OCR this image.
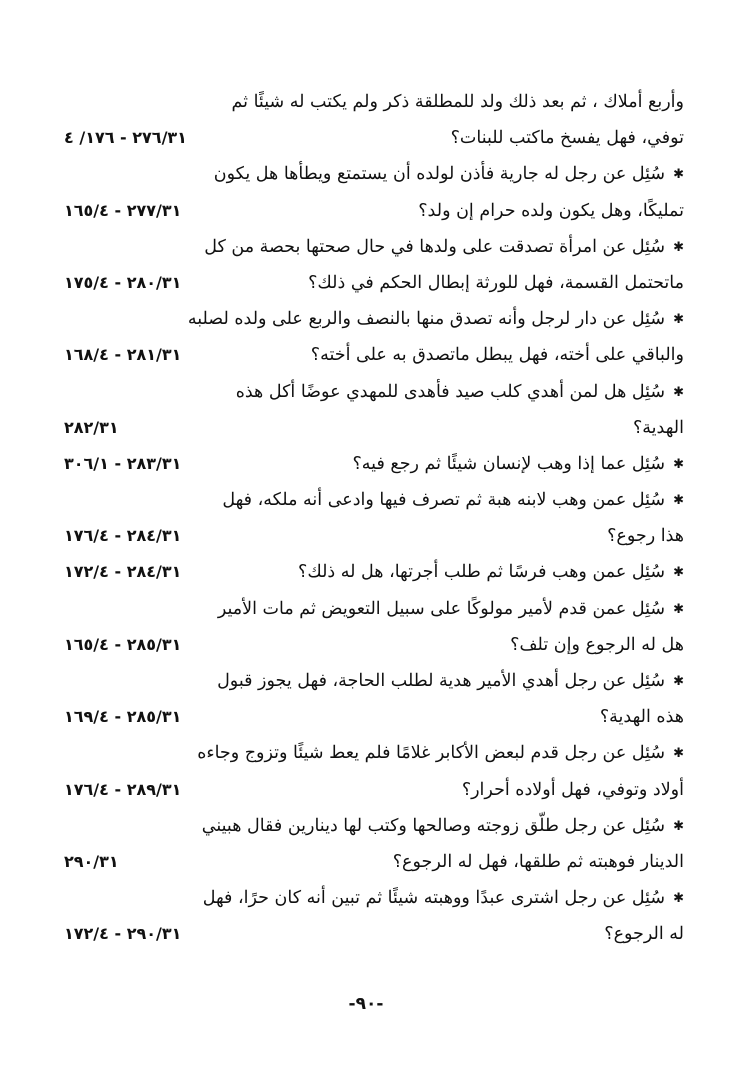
وأربع أملاك ، ثم بعد ذلك ولد للمطلقة ذكر ولم يكتب له شيئًا ثم
توفي، فهل يفسخ ماكتب للبنات؟
٢٧٦/٣١ - ١٧٦/ ٤
✱سُئِل عن رجل له جارية فأذن لولده أن يستمتع ويطأها هل يكون
تمليكًا، وهل يكون ولده حرام إن ولد؟
٢٧٧/٣١ - ١٦٥/٤
✱سُئِل عن امرأة تصدقت على ولدها في حال صحتها بحصة من كل
ماتحتمل القسمة، فهل للورثة إبطال الحكم في ذلك؟
٢٨٠/٣١ - ١٧٥/٤
✱سُئِل عن دار لرجل وأنه تصدق منها بالنصف والربع على ولده لصلبه
والباقي على أخته، فهل يبطل ماتصدق به على أخته؟
٢٨١/٣١ - ١٦٨/٤
✱سُئِل هل لمن أهدي كلب صيد فأهدى للمهدي عوضًا أكل هذه
الهدية؟
٢٨٢/٣١
✱سُئِل عما إذا وهب لإنسان شيئًا ثم رجع فيه؟
٢٨٣/٣١ - ٣٠٦/١
✱سُئِل عمن وهب لابنه هبة ثم تصرف فيها وادعى أنه ملكه، فهل
هذا رجوع؟
٢٨٤/٣١ - ١٧٦/٤
✱سُئِل عمن وهب فرسًا ثم طلب أجرتها، هل له ذلك؟
٢٨٤/٣١ - ١٧٢/٤
✱سُئِل عمن قدم لأمير مولوكًا على سبيل التعويض ثم مات الأمير
هل له الرجوع وإن تلف؟
٢٨٥/٣١ - ١٦٥/٤
✱سُئِل عن رجل أهدي الأمير هدية لطلب الحاجة، فهل يجوز قبول
هذه الهدية؟
٢٨٥/٣١ - ١٦٩/٤
✱سُئِل عن رجل قدم لبعض الأكابر غلامًا فلم يعط شيئًا وتزوج وجاءه
أولاد وتوفي، فهل أولاده أحرار؟
٢٨٩/٣١ - ١٧٦/٤
✱سُئِل عن رجل طلّق زوجته وصالحها وكتب لها دينارين فقال هبيني
الدينار فوهبته ثم طلقها، فهل له الرجوع؟
٢٩٠/٣١
✱سُئِل عن رجل اشترى عبدًا ووهبته شيئًا ثم تبين أنه كان حرًا، فهل
له الرجوع؟
٢٩٠/٣١ - ١٧٢/٤
-٩٠-
